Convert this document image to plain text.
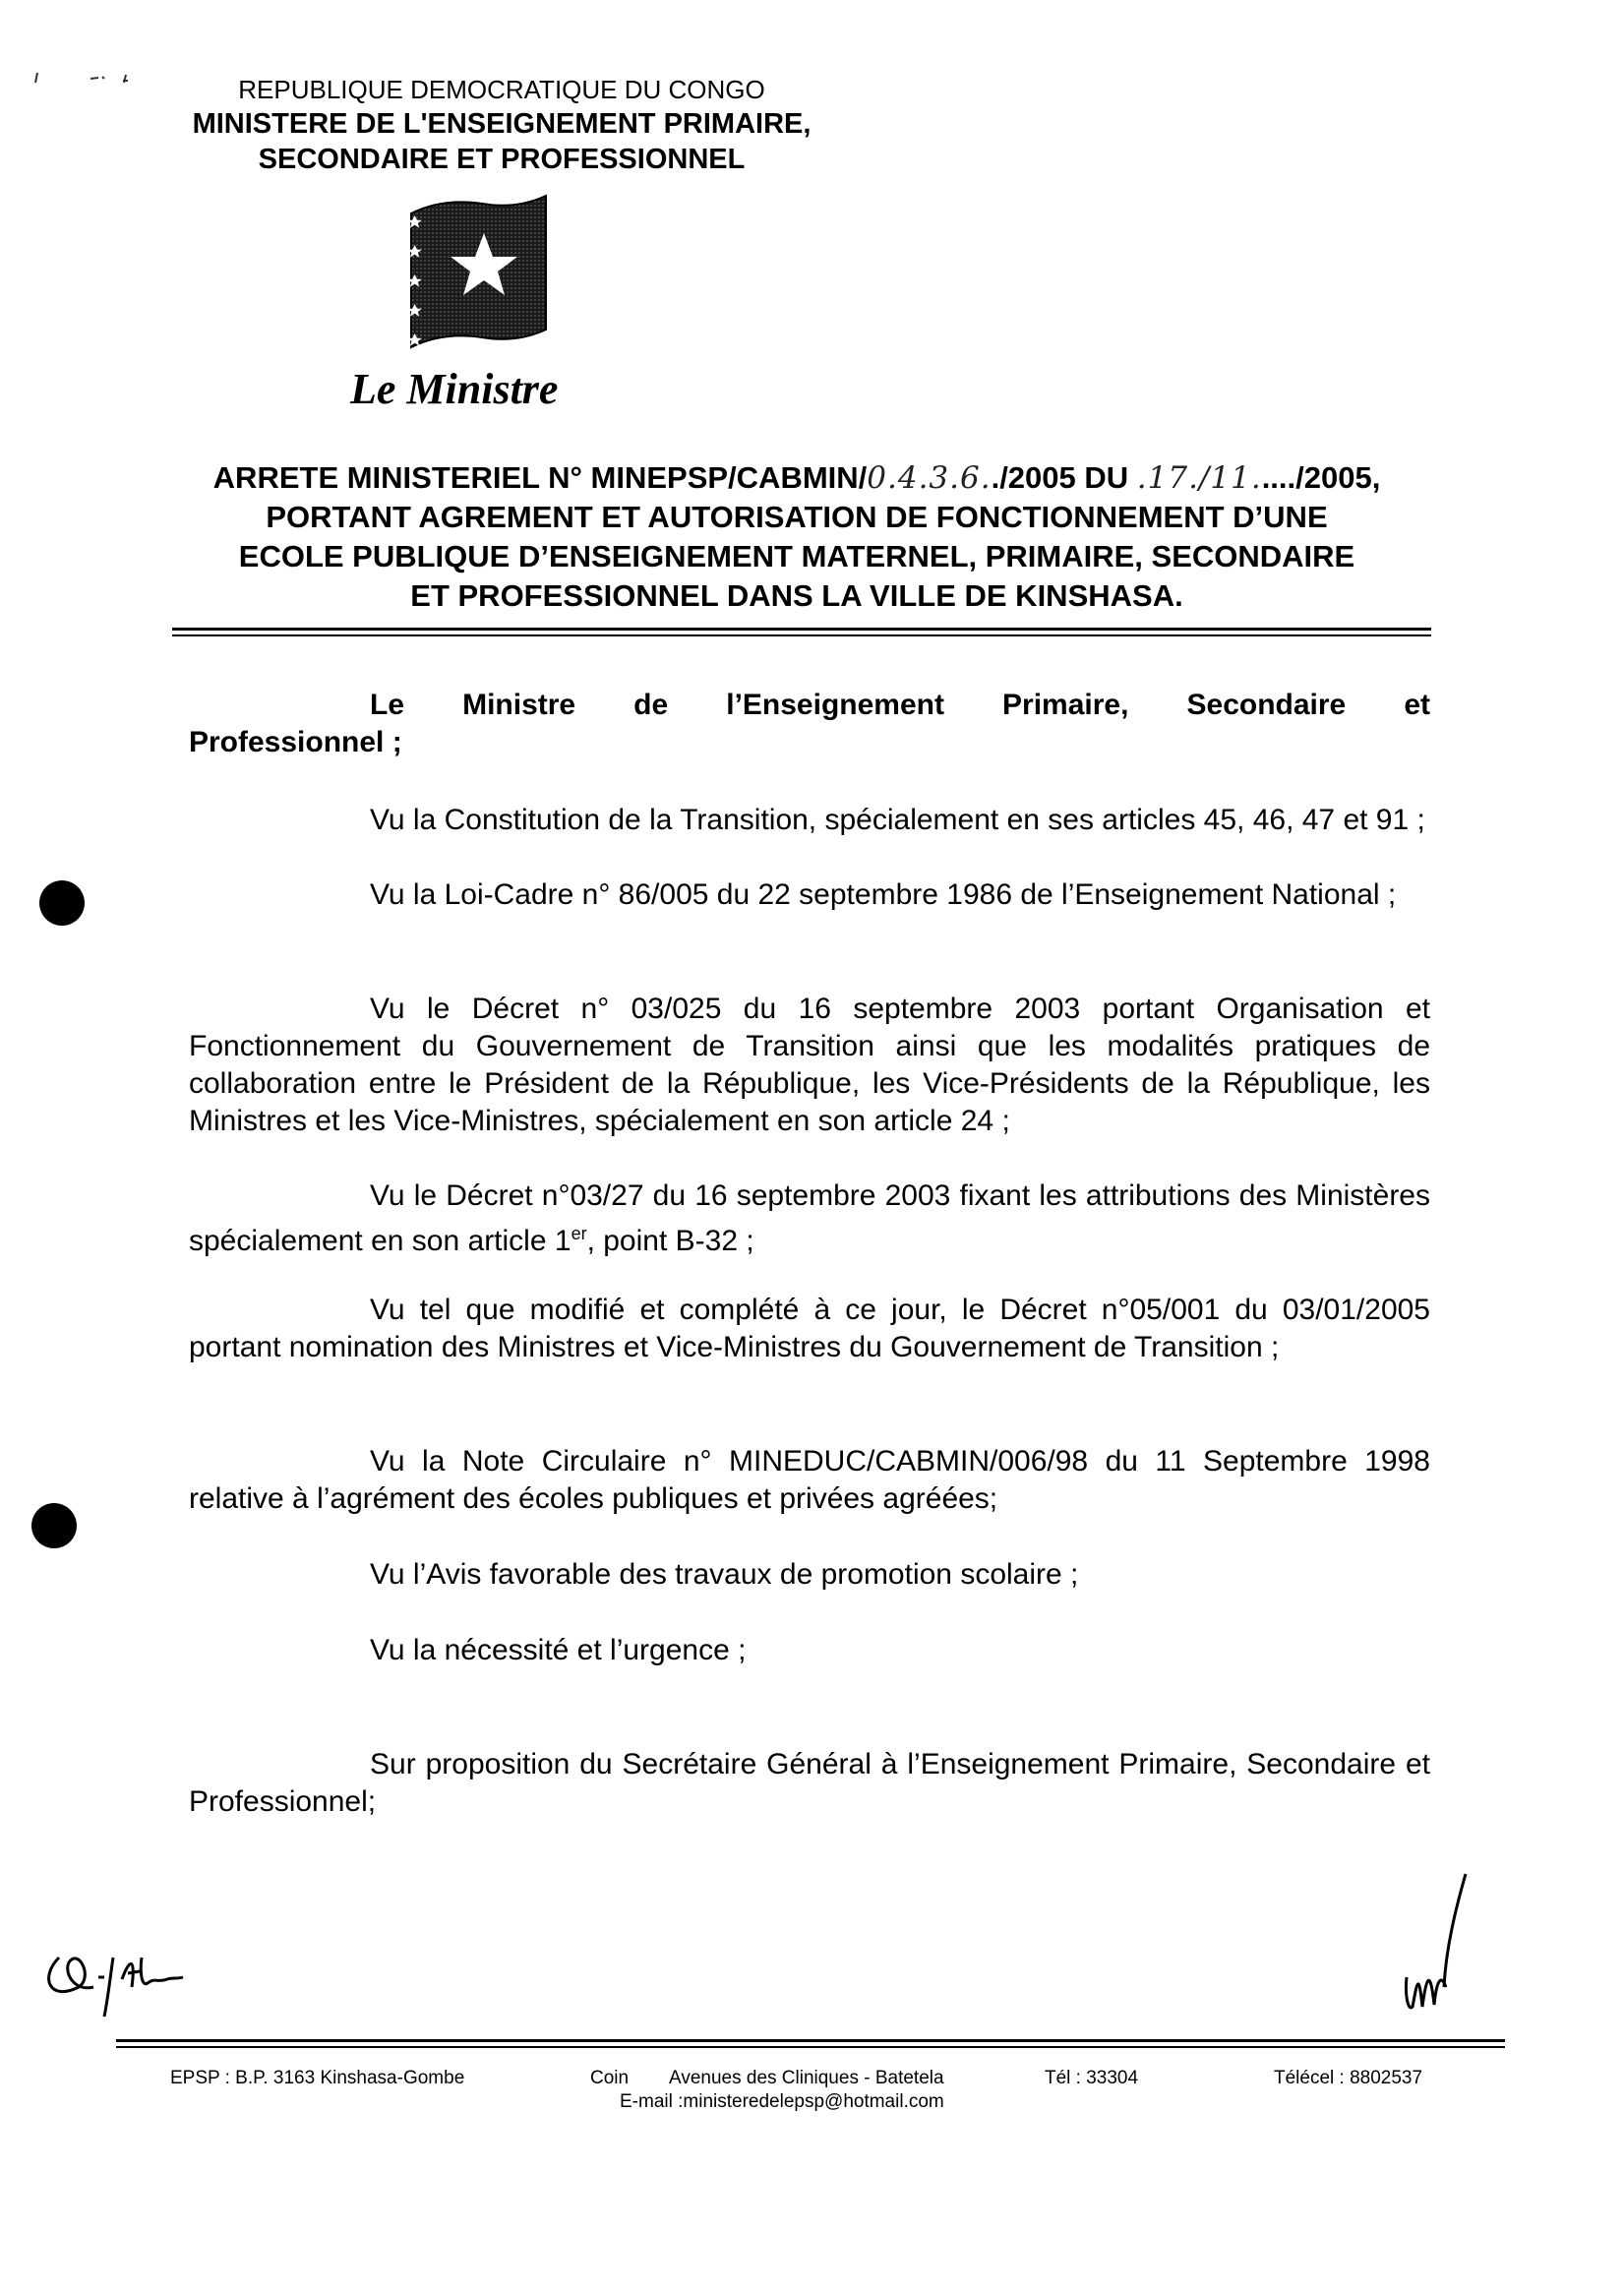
REPUBLIQUE DEMOCRATIQUE DU CONGO
MINISTERE DE L'ENSEIGNEMENT PRIMAIRE,
SECONDAIRE ET PROFESSIONNEL
Le Ministre
ARRETE MINISTERIEL N° MINEPSP/CABMIN/0.4.3.6../2005 DU .17./11...../2005,
PORTANT AGREMENT ET AUTORISATION DE FONCTIONNEMENT D’UNE
ECOLE PUBLIQUE D’ENSEIGNEMENT MATERNEL, PRIMAIRE, SECONDAIRE
ET PROFESSIONNEL DANS LA VILLE DE KINSHASA.
Le Ministre de l’Enseignement Primaire, Secondaire et
Professionnel ;
Vu la Constitution de la Transition, spécialement en ses articles 45, 46, 47 et 91 ;
Vu la Loi-Cadre n° 86/005 du 22 septembre 1986 de l’Enseignement National ;
Vu le Décret n° 03/025 du 16 septembre 2003 portant Organisation et Fonctionnement du Gouvernement de Transition ainsi que les modalités pratiques de collaboration entre le Président de la République, les Vice-Présidents de la République, les Ministres et les Vice-Ministres, spécialement en son article 24 ;
Vu le Décret n°03/27 du 16 septembre 2003 fixant les attributions des Ministères spécialement en son article 1er, point B-32 ;
Vu tel que modifié et complété à ce jour, le Décret n°05/001 du 03/01/2005 portant nomination des Ministres et Vice-Ministres du Gouvernement de Transition ;
Vu la Note Circulaire n° MINEDUC/CABMIN/006/98 du 11 Septembre 1998 relative à l’agrément des écoles publiques et privées agréées;
Vu l’Avis favorable des travaux de promotion scolaire ;
Vu la nécessité et l’urgence ;
Sur proposition du Secrétaire Général à l’Enseignement Primaire, Secondaire et Professionnel;
EPSP : B.P. 3163 Kinshasa-Gombe	Coin Avenues des Cliniques - Batetela	Tél : 33304	Télécel : 8802537
E-mail :ministeredelepsp@hotmail.com
